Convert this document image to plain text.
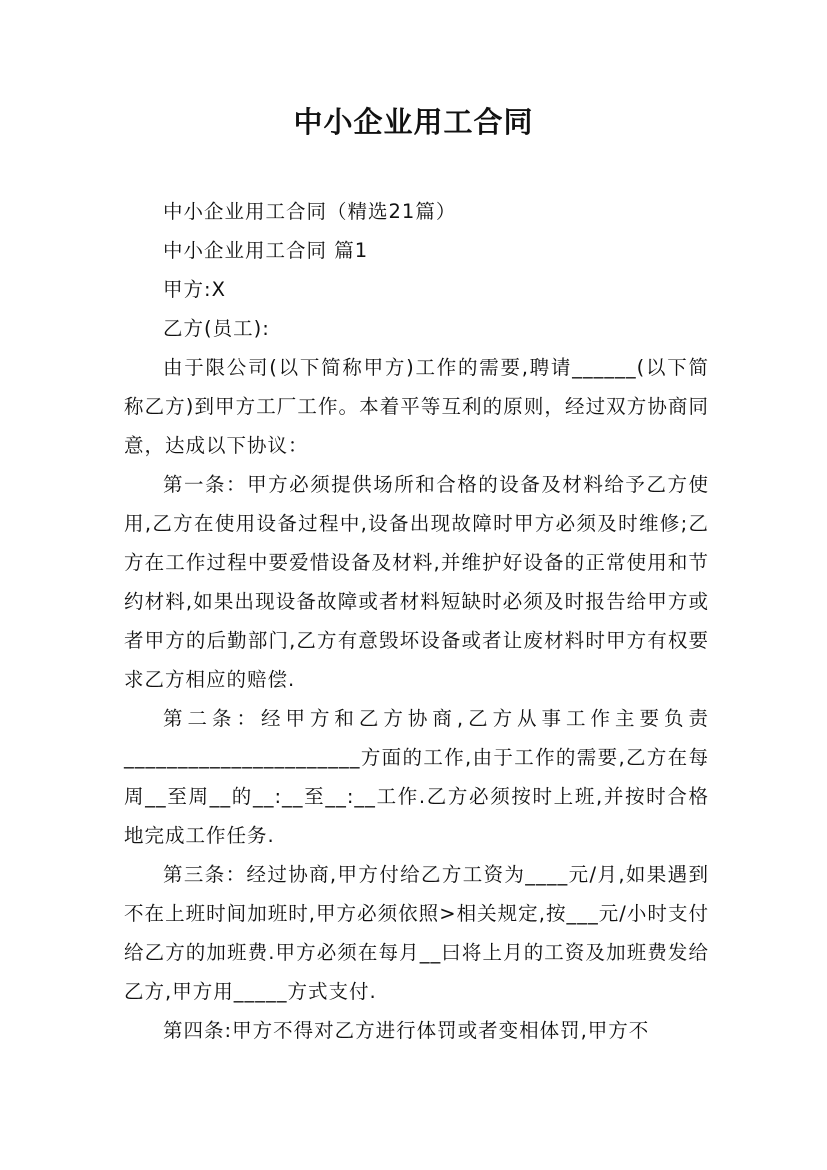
中小企业用工合同

中小企业用工合同（精选21篇）

中小企业用工合同 篇1

甲方:X

乙方(员工):

由于限公司(以下简称甲方)工作的需要,聘请______(以下简称乙方)到甲方工厂工作。本着平等互利的原则，经过双方协商同意，达成以下协议：

第一条：甲方必须提供场所和合格的设备及材料给予乙方使用,乙方在使用设备过程中,设备出现故障时甲方必须及时维修;乙方在工作过程中要爱惜设备及材料,并维护好设备的正常使用和节约材料,如果出现设备故障或者材料短缺时必须及时报告给甲方或者甲方的后勤部门,乙方有意毁坏设备或者让废材料时甲方有权要求乙方相应的赔偿.

第二条：经甲方和乙方协商,乙方从事工作主要负责______________________方面的工作,由于工作的需要,乙方在每周__至周__的__:__至__:__工作.乙方必须按时上班,并按时合格地完成工作任务.

第三条：经过协商,甲方付给乙方工资为____元/月,如果遇到不在上班时间加班时,甲方必须依照>相关规定,按___元/小时支付给乙方的加班费.甲方必须在每月__曰将上月的工资及加班费发给乙方,甲方用_____方式支付.

第四条:甲方不得对乙方进行体罚或者变相体罚,甲方不
